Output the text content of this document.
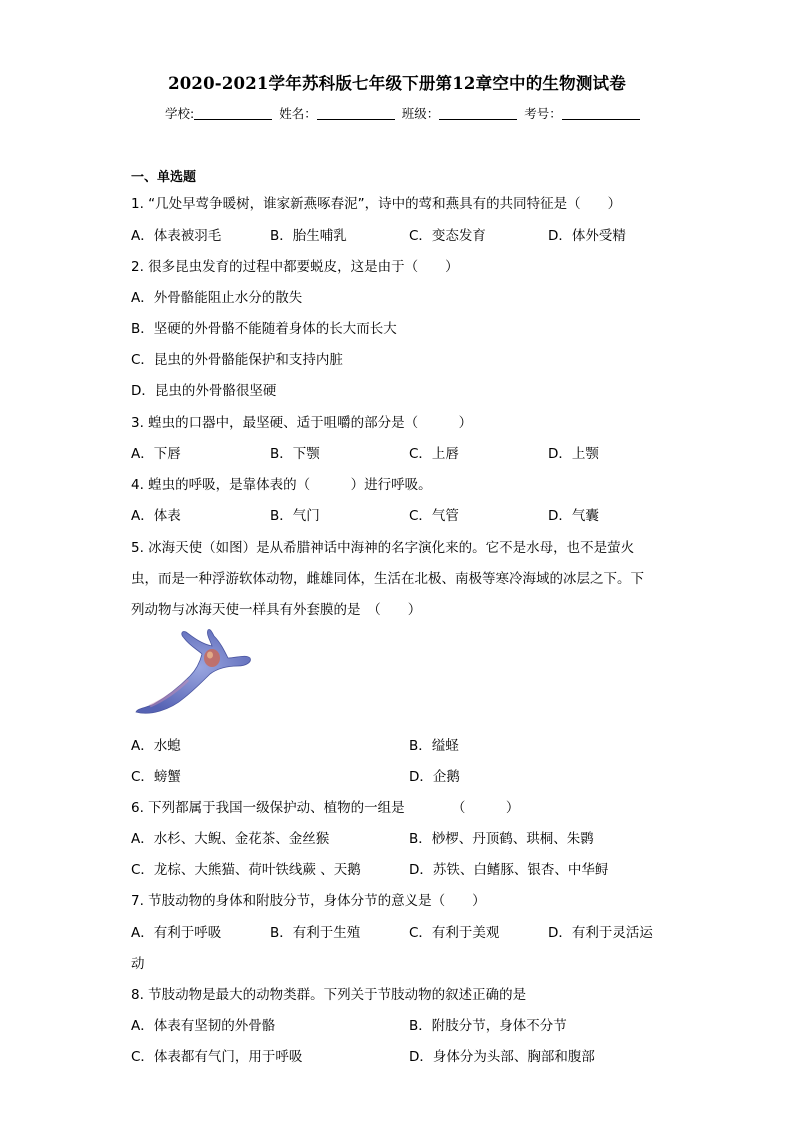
2020-2021学年苏科版七年级下册第12章空中的生物测试卷
学校:	姓名：	班级：	考号：
一、单选题
1. “几处早莺争暖树，谁家新燕啄春泥”，诗中的莺和燕具有的共同特征是（　　）
A．体表被羽毛	B．胎生哺乳	C．变态发育	D．体外受精
2. 很多昆虫发育的过程中都要蜕皮，这是由于（　　）
A．外骨骼能阻止水分的散失
B．坚硬的外骨骼不能随着身体的长大而长大
C．昆虫的外骨骼能保护和支持内脏
D．昆虫的外骨骼很坚硬
3. 蝗虫的口器中，最坚硬、适于咀嚼的部分是（　　　）
A．下唇	B．下颚	C．上唇	D．上颚
4. 蝗虫的呼吸，是靠体表的（　　　）进行呼吸。
A．体表	B．气门	C．气管	D．气囊
5. 冰海天使（如图）是从希腊神话中海神的名字演化来的。它不是水母，也不是萤火
虫，而是一种浮游软体动物，雌雄同体，生活在北极、南极等寒冷海域的冰层之下。下
列动物与冰海天使一样具有外套膜的是　（　　）
A．水螅	B．缢蛏
C．螃蟹	D．企鹅
6. 下列都属于我国一级保护动、植物的一组是　　　　（　　　）
A．水杉、大鲵、金花茶、金丝猴	B．桫椤、丹顶鹤、珙桐、朱鹮
C．龙棕、大熊猫、荷叶铁线蕨 、天鹅	D．苏铁、白鳍豚、银杏、中华鲟
7. 节肢动物的身体和附肢分节，身体分节的意义是（　　）
A．有利于呼吸	B．有利于生殖	C．有利于美观	D．有利于灵活运
动
8. 节肢动物是最大的动物类群。下列关于节肢动物的叙述正确的是
A．体表有坚韧的外骨骼	B．附肢分节，身体不分节
C．体表都有气门，用于呼吸	D．身体分为头部、胸部和腹部
